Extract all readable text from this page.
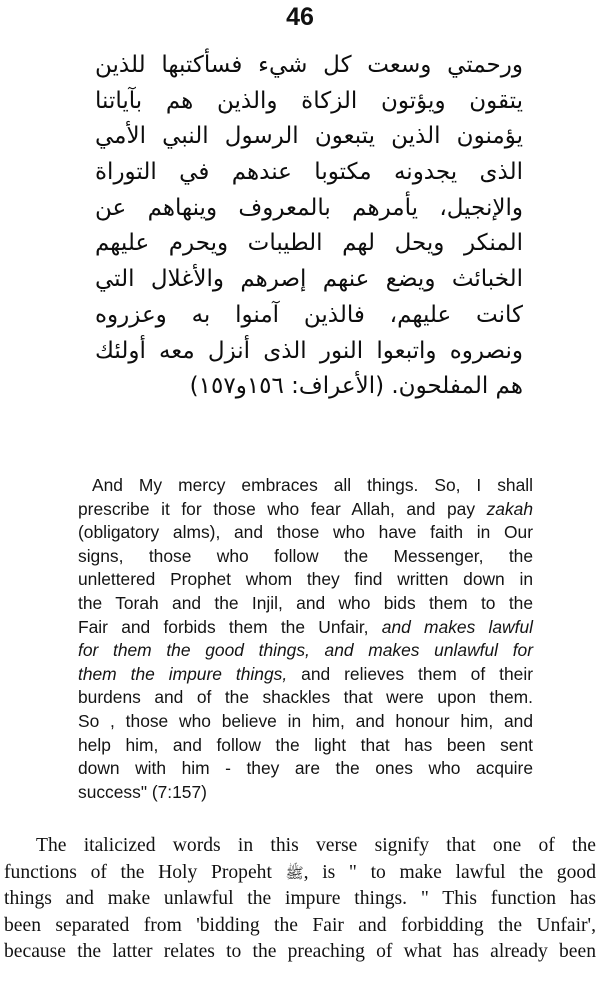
46
ورحمتي وسعت كل شيء فسأكتبها للذين
يتقون ويؤتون الزكاة والذين هم بآياتنا
يؤمنون الذين يتبعون الرسول النبي الأمي
الذى يجدونه مكتوبا عندهم في التوراة
والإنجيل، يأمرهم بالمعروف وينهاهم عن
المنكر ويحل لهم الطيبات ويحرم عليهم
الخبائث ويضع عنهم إصرهم والأغلال التي
كانت عليهم، فالذين آمنوا به وعزروه
ونصروه واتبعوا النور الذى أنزل معه أولئك
هم المفلحون. (الأعراف: ١٥٦و١٥٧)
And My mercy embraces all things. So, I shall
prescribe it for those who fear Allah, and pay zakah
(obligatory alms), and those who have faith in Our
signs, those who follow the Messenger, the
unlettered Prophet whom they find written down in
the Torah and the Injil, and who bids them to the
Fair and forbids them the Unfair, and makes lawful
for them the good things, and makes unlawful for
them the impure things, and relieves them of their
burdens and of the shackles that were upon them.
So , those who believe in him, and honour him, and
help him, and follow the light that has been sent
down with him - they are the ones who acquire
success" (7:157)
The italicized words in this verse signify that one of the
functions of the Holy Propeht ﷺ, is " to make lawful the good
things and make unlawful the impure things. " This function has
been separated from 'bidding the Fair and forbidding the Unfair',
because the latter relates to the preaching of what has already been
